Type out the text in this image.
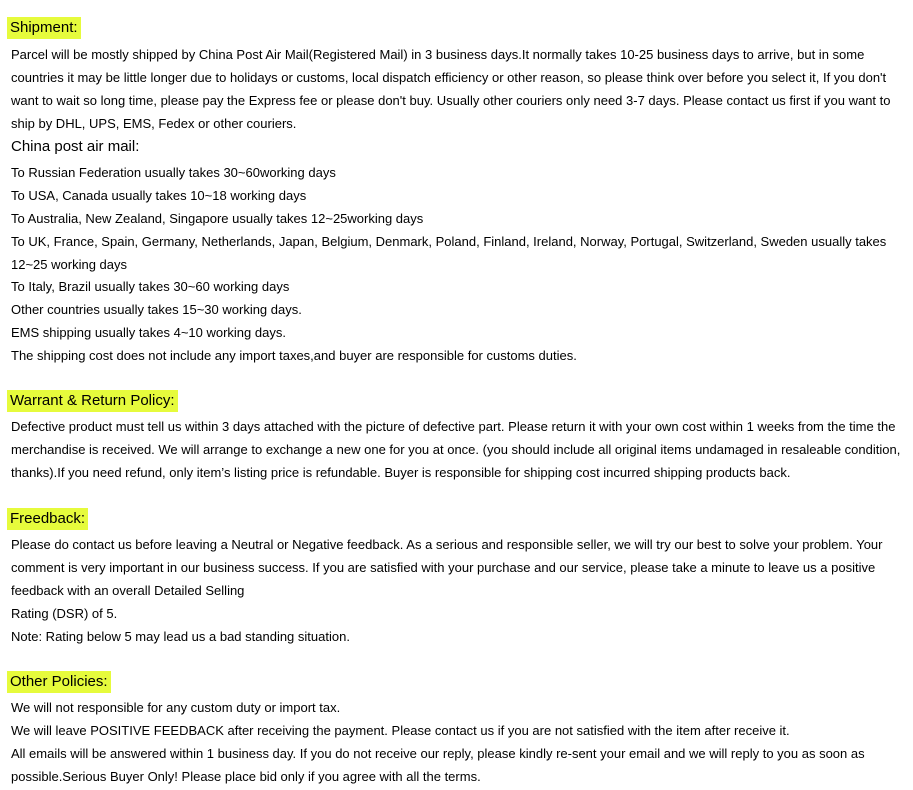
Shipment:

Parcel will be mostly shipped by China Post Air Mail(Registered Mail) in 3 business days.It normally takes 10-25 business days to arrive, but in some countries it may be little longer due to holidays or customs, local dispatch efficiency or other reason, so please think over before you select it, If you don't want to wait so long time, please pay the Express fee or please don't buy. Usually other couriers only need 3-7 days. Please contact us first if you want to ship by DHL, UPS, EMS, Fedex or other couriers.

China post air mail:

To Russian Federation usually takes 30~60working days

To USA, Canada usually takes 10~18 working days

To Australia, New Zealand, Singapore usually takes 12~25working days

To UK, France, Spain, Germany, Netherlands, Japan, Belgium, Denmark, Poland, Finland, Ireland, Norway, Portugal, Switzerland, Sweden usually takes 12~25 working days

To Italy, Brazil usually takes 30~60 working days

Other countries usually takes 15~30 working days.

EMS shipping usually takes 4~10 working days.

The shipping cost does not include any import taxes,and buyer are responsible for customs duties.

Warrant & Return Policy:

Defective product must tell us within 3 days attached with the picture of defective part. Please return it with your own cost within 1 weeks from the time the merchandise is received. We will arrange to exchange a new one for you at once. (you should include all original items undamaged in resaleable condition, thanks).If you need refund, only item’s listing price is refundable. Buyer is responsible for shipping cost incurred shipping products back.

Freedback:

Please do contact us before leaving a Neutral or Negative feedback. As a serious and responsible seller, we will try our best to solve your problem. Your comment is very important in our business success. If you are satisfied with your purchase and our service, please take a minute to leave us a positive feedback with an overall Detailed Selling

Rating (DSR) of 5.

Note: Rating below 5 may lead us a bad standing situation.

Other Policies:

We will not responsible for any custom duty or import tax.

We will leave POSITIVE FEEDBACK after receiving the payment. Please contact us if you are not satisfied with the item after receive it.

All emails will be answered within 1 business day. If you do not receive our reply, please kindly re-sent your email and we will reply to you as soon as possible.Serious Buyer Only! Please place bid only if you agree with all the terms.
